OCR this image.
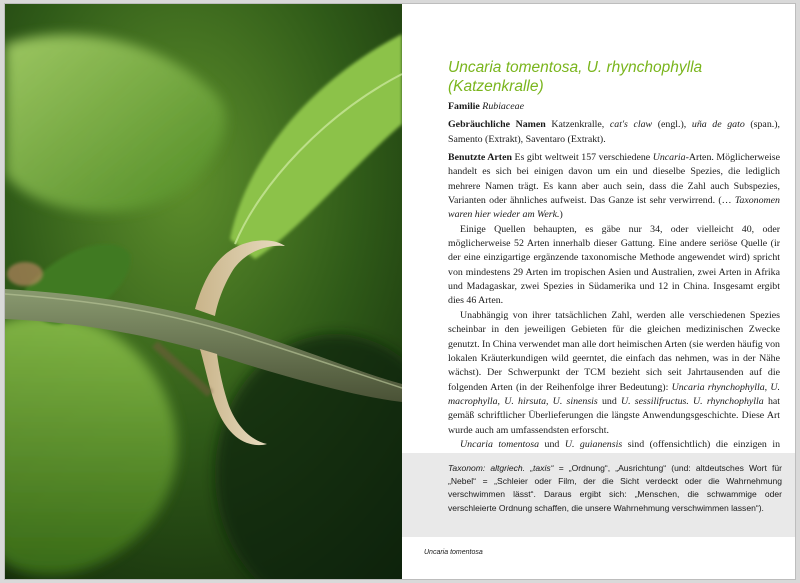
Uncaria tomentosa, U. rhynchophylla
(Katzenkralle)

Familie Rubiaceae

Gebräuchliche Namen Katzenkralle, cat's claw (engl.), uña de gato (span.), Samento (Extrakt), Saventaro (Extrakt).

Benutzte Arten Es gibt weltweit 157 verschiedene Uncaria-Arten. Möglicherweise handelt es sich bei einigen davon um ein und dieselbe Spezies, die lediglich mehrere Namen trägt. Es kann aber auch sein, dass die Zahl auch Subspezies, Varianten oder ähnliches aufweist. Das Ganze ist sehr verwirrend. (… Taxonomen waren hier wieder am Werk.)

Einige Quellen behaupten, es gäbe nur 34, oder vielleicht 40, oder möglicherweise 52 Arten innerhalb dieser Gattung. Eine andere seriöse Quelle (ir der eine einzigartige ergänzende taxonomische Methode angewendet wird) spricht von mindestens 29 Arten im tropischen Asien und Australien, zwei Arten in Afrika und Madagaskar, zwei Spezies in Südamerika und 12 in China. Insgesamt ergibt dies 46 Arten.

Unabhängig von ihrer tatsächlichen Zahl, werden alle verschiedenen Spezies scheinbar in den jeweiligen Gebieten für die gleichen medizinischen Zwecke genutzt. In China verwendet man alle dort heimischen Arten (sie werden häufig von lokalen Kräuterkundigen wild geerntet, die einfach das nehmen, was in der Nähe wächst). Der Schwerpunkt der TCM bezieht sich seit Jahrtausenden auf die folgenden Arten (in der Reihenfolge ihrer Bedeutung): Uncaria rhynchophylla, U. macrophylla, U. hirsuta, U. sinensis und U. sessilifructus. U. rhynchophylla hat gemäß schriftlicher Überlieferungen die längste Anwendungsgeschichte. Diese Art wurde auch am umfassendsten erforscht.

Uncaria tomentosa und U. guianensis sind (offensichtlich) die einzigen in

Taxonom: altgriech. „taxis“ = „Ordnung“, „Ausrichtung“ (und: altdeutsches Wort für „Nebel“ = „Schleier oder Film, der die Sicht verdeckt oder die Wahrnehmung verschwimmen lässt“. Daraus ergibt sich: „Menschen, die schwammige oder verschleierte Ordnung schaffen, die unsere Wahrnehmung verschwimmen lassen“).
Uncaria tomentosa
